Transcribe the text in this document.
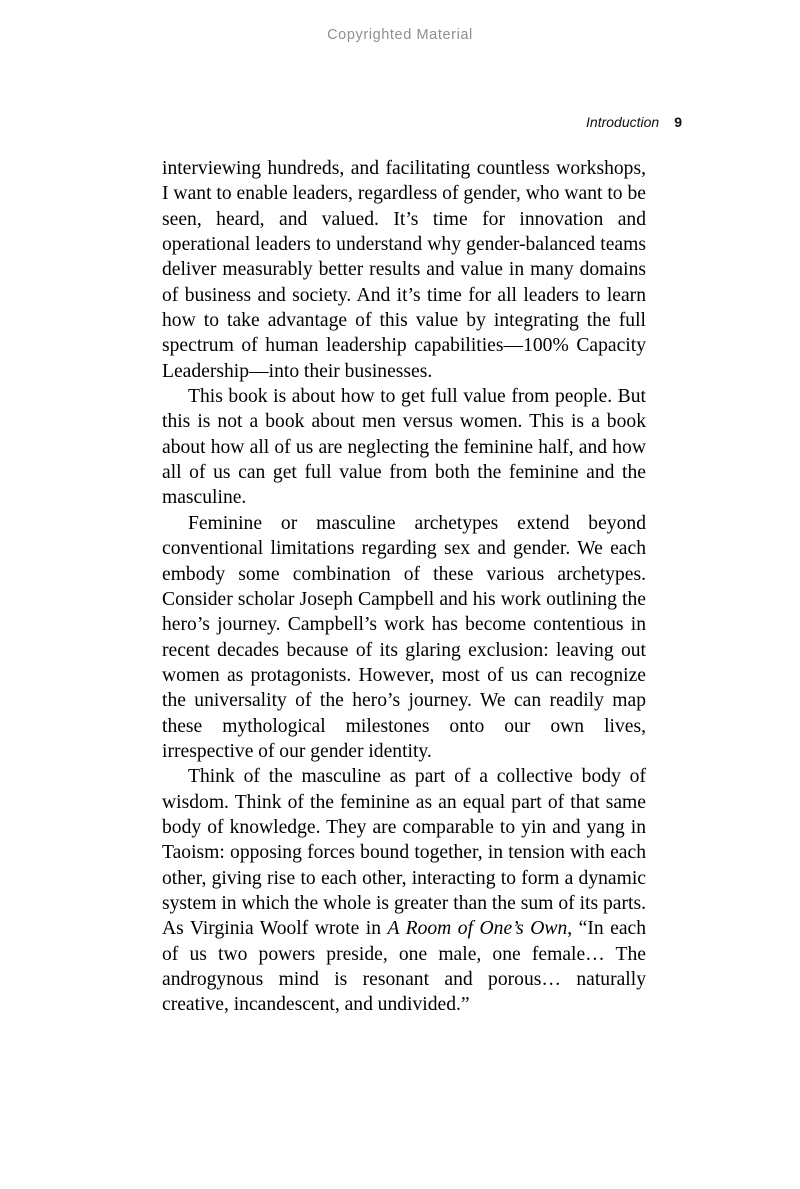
Copyrighted Material
Introduction 9

interviewing hundreds, and facilitating countless workshops, I want to enable leaders, regardless of gender, who want to be seen, heard, and valued. It’s time for innovation and operational leaders to understand why gender-balanced teams deliver measurably better results and value in many domains of business and society. And it’s time for all leaders to learn how to take advantage of this value by integrating the full spectrum of human leadership capabilities—100% Capacity Leadership—into their businesses.

This book is about how to get full value from people. But this is not a book about men versus women. This is a book about how all of us are neglecting the feminine half, and how all of us can get full value from both the feminine and the masculine.

Feminine or masculine archetypes extend beyond conventional limitations regarding sex and gender. We each embody some combination of these various archetypes. Consider scholar Joseph Campbell and his work outlining the hero’s journey. Campbell’s work has become contentious in recent decades because of its glaring exclusion: leaving out women as protagonists. However, most of us can recognize the universality of the hero’s journey. We can readily map these mythological milestones onto our own lives, irrespective of our gender identity.

Think of the masculine as part of a collective body of wisdom. Think of the feminine as an equal part of that same body of knowledge. They are comparable to yin and yang in Taoism: opposing forces bound together, in tension with each other, giving rise to each other, interacting to form a dynamic system in which the whole is greater than the sum of its parts. As Virginia Woolf wrote in A Room of One’s Own, “In each of us two powers preside, one male, one female… The androgynous mind is resonant and porous… naturally creative, incandescent, and undivided.”
